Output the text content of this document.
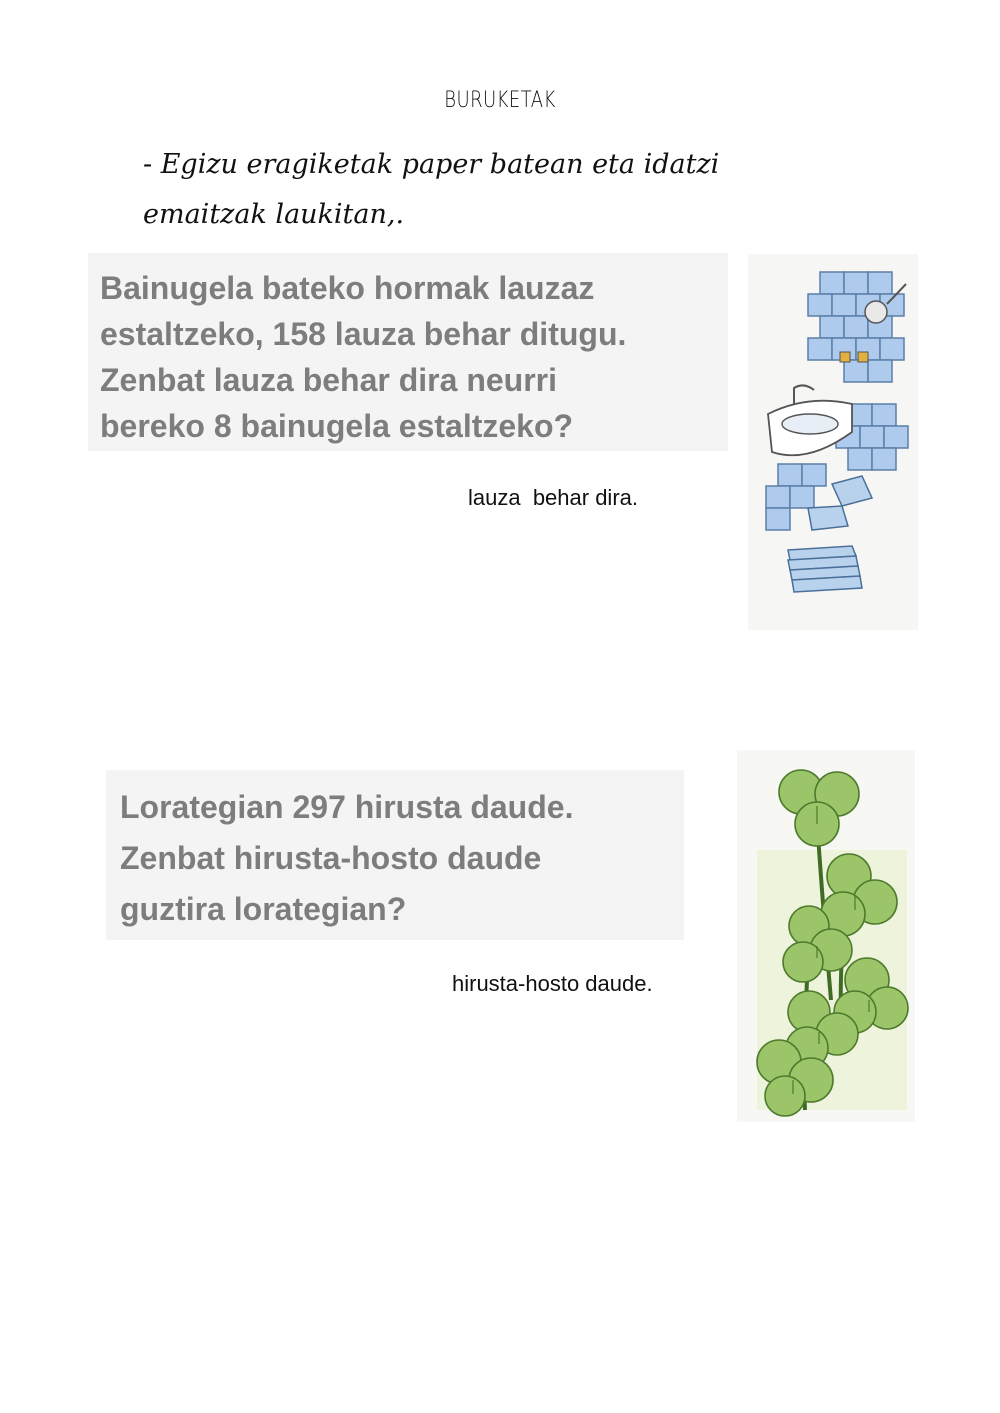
BURUKETAK
- Egizu eragiketak paper batean eta idatzi
emaitzak laukitan,.
Bainugela bateko hormak lauzaz
estaltzeko, 158 lauza behar ditugu.
Zenbat lauza behar dira neurri
bereko 8 bainugela estaltzeko?
lauza  behar dira.
Lorategian 297 hirusta daude.
Zenbat hirusta-hosto daude
guztira lorategian?
hirusta-hosto daude.
